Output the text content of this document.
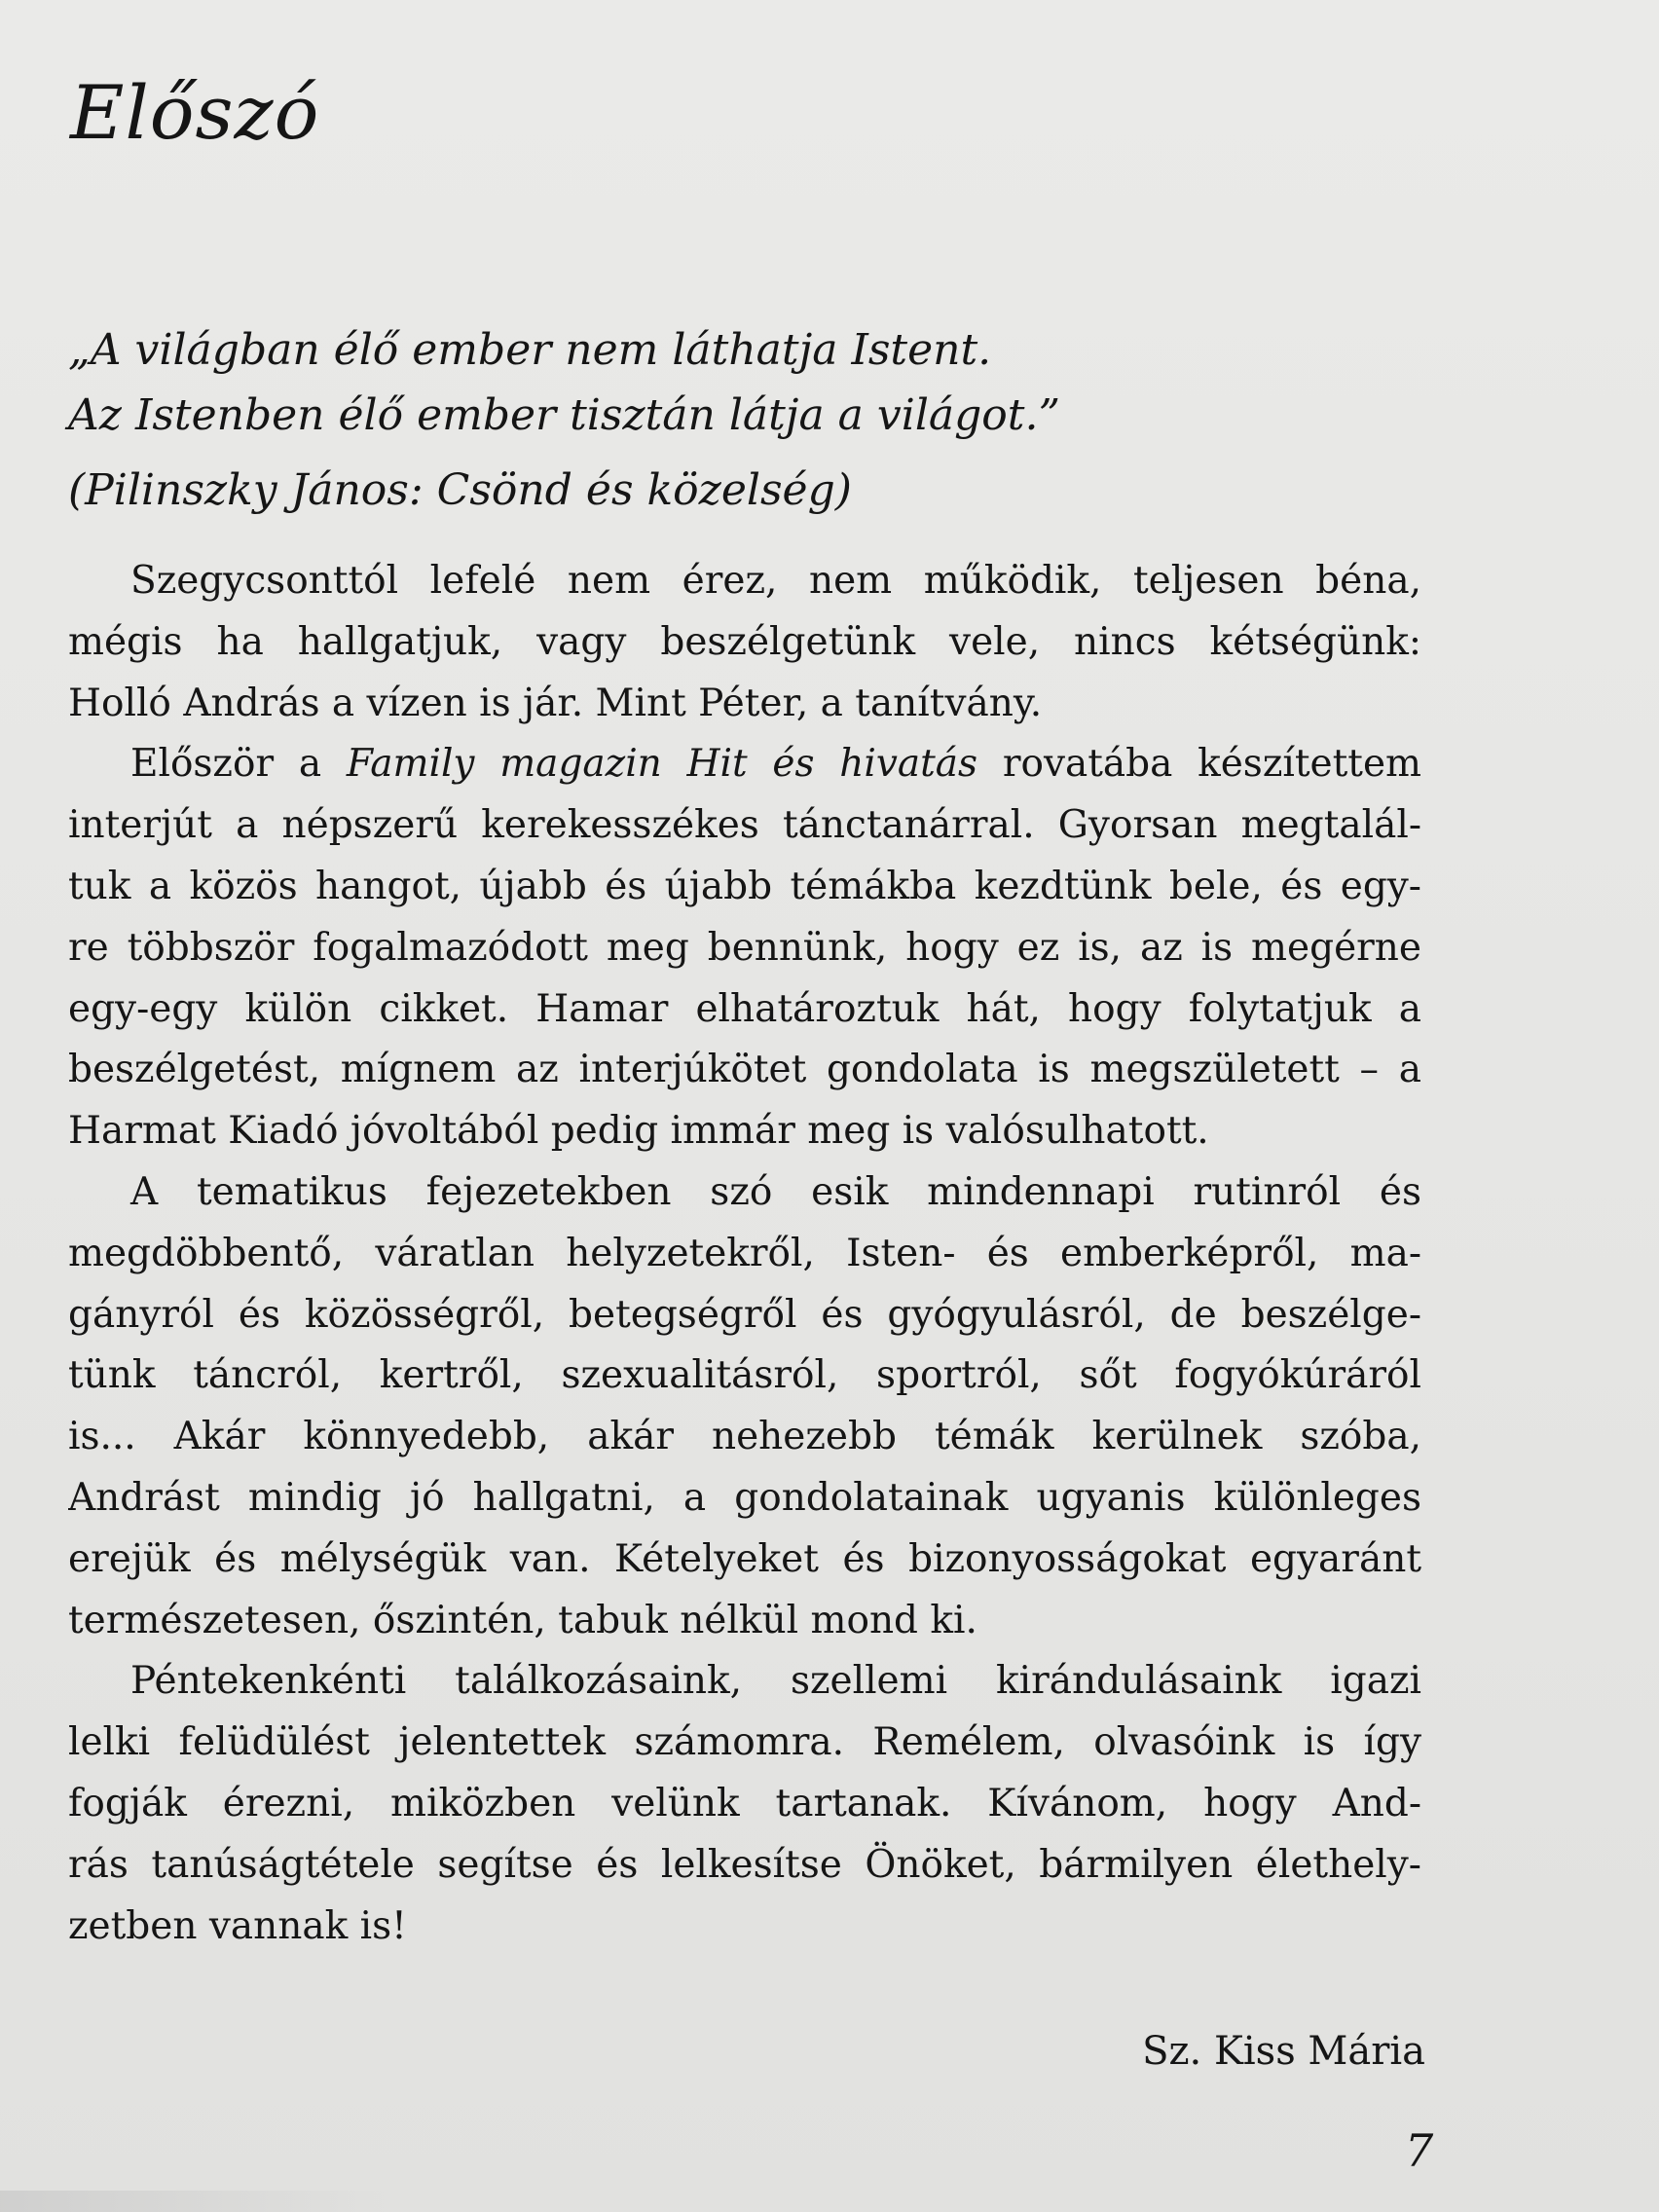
Előszó
„A világban élő ember nem láthatja Istent.
Az Istenben élő ember tisztán látja a világot.”
(Pilinszky János: Csönd és közelség)
Szegycsonttól lefelé nem érez, nem működik, teljesen béna,
mégis ha hallgatjuk, vagy beszélgetünk vele, nincs kétségünk:
Holló András a vízen is jár. Mint Péter, a tanítvány.
Először a Family magazin Hit és hivatás rovatába készítettem
interjút a népszerű kerekesszékes tánctanárral. Gyorsan megtalál-
tuk a közös hangot, újabb és újabb témákba kezdtünk bele, és egy-
re többször fogalmazódott meg bennünk, hogy ez is, az is megérne
egy-egy külön cikket. Hamar elhatároztuk hát, hogy folytatjuk a
beszélgetést, mígnem az interjúkötet gondolata is megszületett – a
Harmat Kiadó jóvoltából pedig immár meg is valósulhatott.
A tematikus fejezetekben szó esik mindennapi rutinról és
megdöbbentő, váratlan helyzetekről, Isten- és emberképről, ma-
gányról és közösségről, betegségről és gyógyulásról, de beszélge-
tünk táncról, kertről, szexualitásról, sportról, sőt fogyókúráról
is... Akár könnyedebb, akár nehezebb témák kerülnek szóba,
Andrást mindig jó hallgatni, a gondolatainak ugyanis különleges
erejük és mélységük van. Kételyeket és bizonyosságokat egyaránt
természetesen, őszintén, tabuk nélkül mond ki.
Péntekenkénti találkozásaink, szellemi kirándulásaink igazi
lelki felüdülést jelentettek számomra. Remélem, olvasóink is így
fogják érezni, miközben velünk tartanak. Kívánom, hogy And-
rás tanúságtétele segítse és lelkesítse Önöket, bármilyen élethely-
zetben vannak is!
Sz. Kiss Mária
7
